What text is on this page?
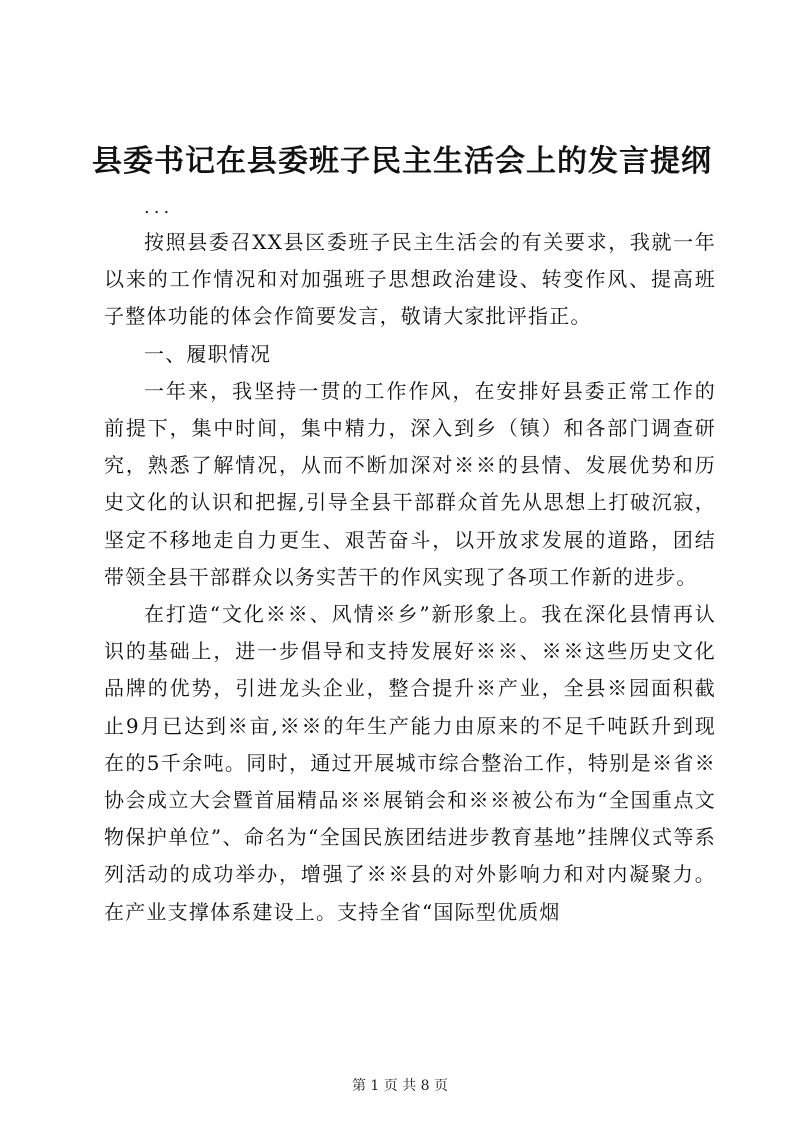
县委书记在县委班子民主生活会上的发言提纲
...

按照县委召XX县区委班子民主生活会的有关要求，我就一年以来的工作情况和对加强班子思想政治建设、转变作风、提高班子整体功能的体会作简要发言，敬请大家批评指正。

一、履职情况

一年来，我坚持一贯的工作作风，在安排好县委正常工作的前提下，集中时间，集中精力，深入到乡（镇）和各部门调查研究，熟悉了解情况，从而不断加深对※※的县情、发展优势和历史文化的认识和把握,引导全县干部群众首先从思想上打破沉寂，坚定不移地走自力更生、艰苦奋斗，以开放求发展的道路，团结带领全县干部群众以务实苦干的作风实现了各项工作新的进步。

在打造“文化※※、风情※乡”新形象上。我在深化县情再认识的基础上，进一步倡导和支持发展好※※、※※这些历史文化品牌的优势，引进龙头企业，整合提升※产业，全县※园面积截止9月已达到※亩,※※的年生产能力由原来的不足千吨跃升到现在的5千余吨。同时，通过开展城市综合整治工作，特别是※省※协会成立大会暨首届精品※※展销会和※※被公布为“全国重点文物保护单位”、命名为“全国民族团结进步教育基地”挂牌仪式等系列活动的成功举办，增强了※※县的对外影响力和对内凝聚力。在产业支撑体系建设上。支持全省“国际型优质烟

第 1 页 共 8 页
